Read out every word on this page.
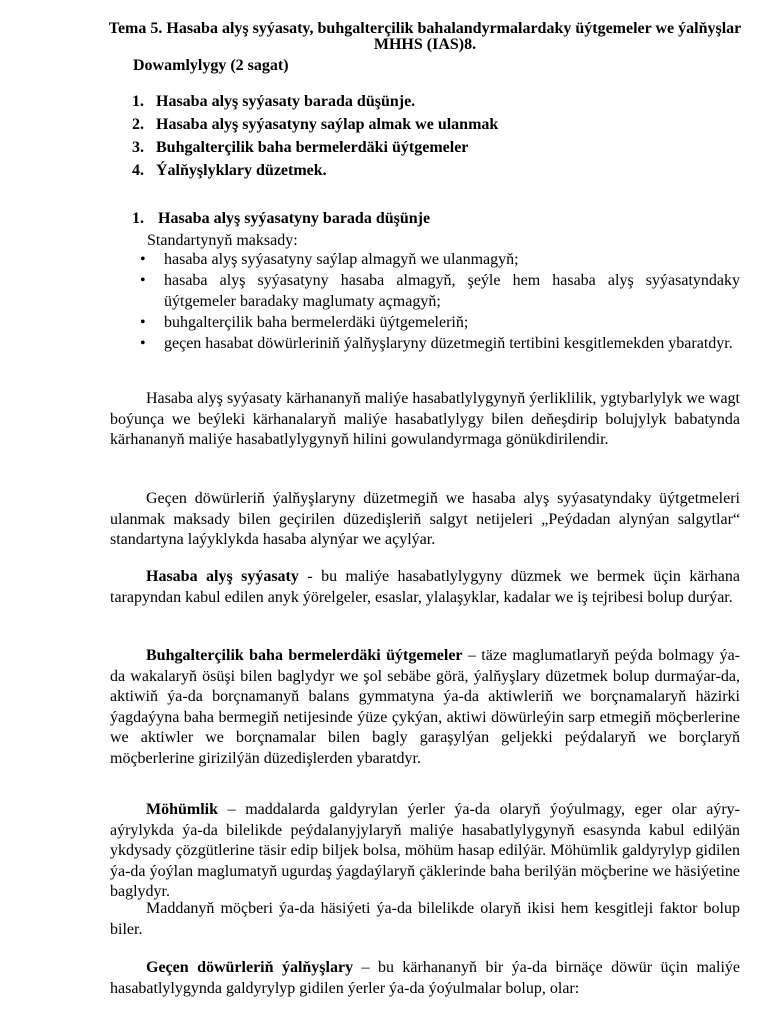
Tema 5. Hasaba alyş syýasaty, buhgalterçilik bahalandyrmalardaky üýtgemeler we ýalňyşlar MHHS (IAS)8.
Dowamlylygy (2 sagat)
1. Hasaba alyş syýasaty barada düşünje.
2. Hasaba alyş syýasatyny saýlap almak we ulanmak
3. Buhgalterçilik baha bermelerdäki üýtgemeler
4. Ýalňyşlyklary düzetmek.
1. Hasaba alyş syýasatyny barada düşünje
Standartynyň maksady:
• hasaba alyş syýasatyny saýlap almagyň we ulanmagyň;
• hasaba alyş syýasatyny hasaba almagyň, şeýle hem hasaba alyş syýasatyndaky üýtgemeler baradaky maglumaty açmagyň;
• buhgalterçilik baha bermelerdäki üýtgemeleriň;
• geçen hasabat döwürleriniň ýalňyşlaryny düzetmegiň tertibini kesgitlemekden ybaratdyr.

Hasaba alyş syýasaty kärhananyň maliýe hasabatlylygynyň ýerliklilik, ygtybarlylyk we wagt boýunça we beýleki kärhanalaryň maliýe hasabatlylygy bilen deňeşdirip bolujylyk babatynda kärhananyň maliýe hasabatlylygynyň hilini gowulandyrmaga gönükdirilendir.

Geçen döwürleriň ýalňyşlaryny düzetmegiň we hasaba alyş syýasatyndaky üýtgetmeleri ulanmak maksady bilen geçirilen düzedişleriň salgyt netijeleri „Peýdadan alynýan salgytlar“ standartyna laýyklykda hasaba alynýar we açylýar.

Hasaba alyş syýasaty - bu maliýe hasabatlylygyny düzmek we bermek üçin kärhana tarapyndan kabul edilen anyk ýörelgeler, esaslar, ylalaşyklar, kadalar we iş tejribesi bolup durýar.

Buhgalterçilik baha bermelerdäki üýtgemeler – täze maglumatlaryň peýda bolmagy ýa-da wakalaryň ösüşi bilen baglydyr we şol sebäbe görä, ýalňyşlary düzetmek bolup durmaýar-da, aktiwiň ýa-da borçnamanyň balans gymmatyna ýa-da aktiwleriň we borçnamalaryň häzirki ýagdaýyna baha bermegiň netijesinde ýüze çykýan, aktiwi döwürleýin sarp etmegiň möçberlerine we aktiwler we borçnamalar bilen bagly garaşylýan geljekki peýdalaryň we borçlaryň möçberlerine girizilýän düzedişlerden ybaratdyr.

Möhümlik – maddalarda galdyrylan ýerler ýa-da olaryň ýoýulmagy, eger olar aýry-aýrylykda ýa-da bilelikde peýdalanyjylaryň maliýe hasabatlylygynyň esasynda kabul edilýän ykdysady çözgütlerine täsir edip biljek bolsa, möhüm hasap edilýär. Möhümlik galdyrylyp gidilen ýa-da ýoýlan maglumatyň ugurdaş ýagdaýlaryň çäklerinde baha berilýän möçberine we häsiýetine baglydyr.

Maddanyň möçberi ýa-da häsiýeti ýa-da bilelikde olaryň ikisi hem kesgitleji faktor bolup biler.

Geçen döwürleriň ýalňyşlary – bu kärhananyň bir ýa-da birnäçe döwür üçin maliýe hasabatlylygynda galdyrylyp gidilen ýerler ýa-da ýoýulmalar bolup, olar:
